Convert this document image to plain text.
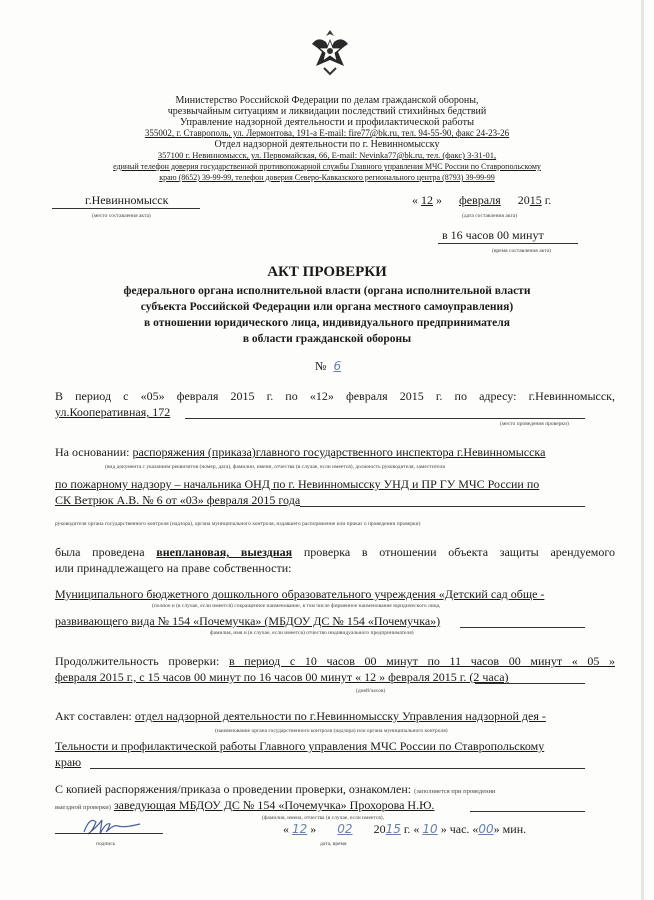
Министерство Российской Федерации по делам гражданской обороны,
чрезвычайным ситуациям и ликвидации последствий стихийных бедствий
Управление надзорной деятельности и профилактической работы
355002, г. Ставрополь, ул. Лермонтова, 191-а E-mail: fire77@bk.ru, тел. 94-55-90, факс 24-23-26
Отдел надзорной деятельности по г. Невинномысску
357100 г. Невинномысск, ул. Первомайская, 66, E-mail: Nevinka77@bk.ru, тел. (факс) 3-31-01,
единый телефон доверия государственной противопожарной службы Главного управления МЧС России по Ставропольскому
краю (8652) 39-99-99, телефон доверия Северо-Кавказского регионального центра (8793) 39-99-99
г.Невинномысск
(место составления акта)
« 12 » февраля 2015 г.
(дата составления акта)
в 16 часов 00 минут
(время составления акта)
АКТ ПРОВЕРКИ
федерального органа исполнительной власти (органа исполнительной власти
субъекта Российской Федерации или органа местного самоуправления)
в отношении юридического лица, индивидуального предпринимателя
в области гражданской обороны
№ 6
В период с «05» февраля 2015 г. по «12» февраля 2015 г. по адресу: г.Невинномысск,
ул.Кооперативная, 172
(место проведения проверки)
На основании: распоряжения (приказа)главного государственного инспектора г.Невинномысска
(вид документа с указанием реквизитов (номер, дата), фамилии, имени, отчества (в случае, если имеется), должность руководителя, заместителя
по пожарному надзору – начальника ОНД по г. Невинномысску УНД и ПР ГУ МЧС России по
СК Ветрюк А.В. № 6 от «03» февраля 2015 года
руководителя органа государственного контроля (надзора), органа муниципального контроля, издавшего распоряжение или приказ о проведении проверки)
была проведена внеплановая, выездная проверка в отношении объекта защиты арендуемого
или принадлежащего на праве собственности:
Муниципального бюджетного дошкольного образовательного учреждения «Детский сад обще -
(полное и (в случае, если имеется) сокращенное наименование, в том числе фирменное наименование юридического лица,
развивающего вида № 154 «Почемучка» (МБДОУ ДС № 154 «Почемучка»)
фамилия, имя и (в случае, если имеется) отчество индивидуального предпринимателя)
Продолжительность проверки: в период с 10 часов 00 минут по 11 часов 00 минут « 05 »
февраля 2015 г., с 15 часов 00 минут по 16 часов 00 минут « 12 » февраля 2015 г. (2 часа)
(дней/часов)
Акт составлен: отдел надзорной деятельности по г.Невинномысску Управления надзорной дея -
(наименование органа государственного контроля (надзора) или органа муниципального контроля)
Тельности и профилактической работы Главного управления МЧС России по Ставропольскому
краю
С копией распоряжения/приказа о проведении проверки, ознакомлен: (заполняется при проведении
выездной проверки) заведующая МБДОУ ДС № 154 «Почемучка» Прохорова Н.Ю.
(фамилия, имена, отчества (в случае, если имеется),
подпись
« 12 » 02 2015 г. « 10 » час. «00» мин.
дата, время
